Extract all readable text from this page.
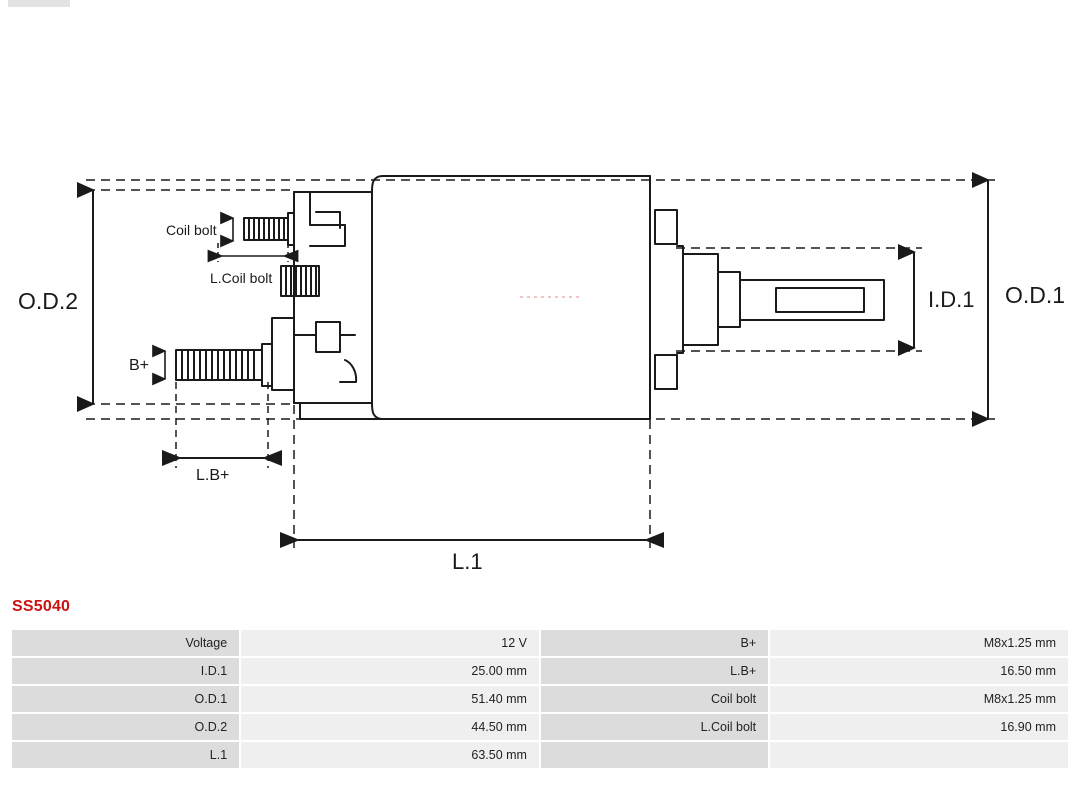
O.D.2	O.D.1
I.D.1
L.1
L.B+
B+
Coil bolt
L.Coil bolt
SS5040
Voltage	12 V	B+	M8x1.25 mm
I.D.1	25.00 mm	L.B+	16.50 mm
O.D.1	51.40 mm	Coil bolt	M8x1.25 mm
O.D.2	44.50 mm	L.Coil bolt	16.90 mm
L.1	63.50 mm		
